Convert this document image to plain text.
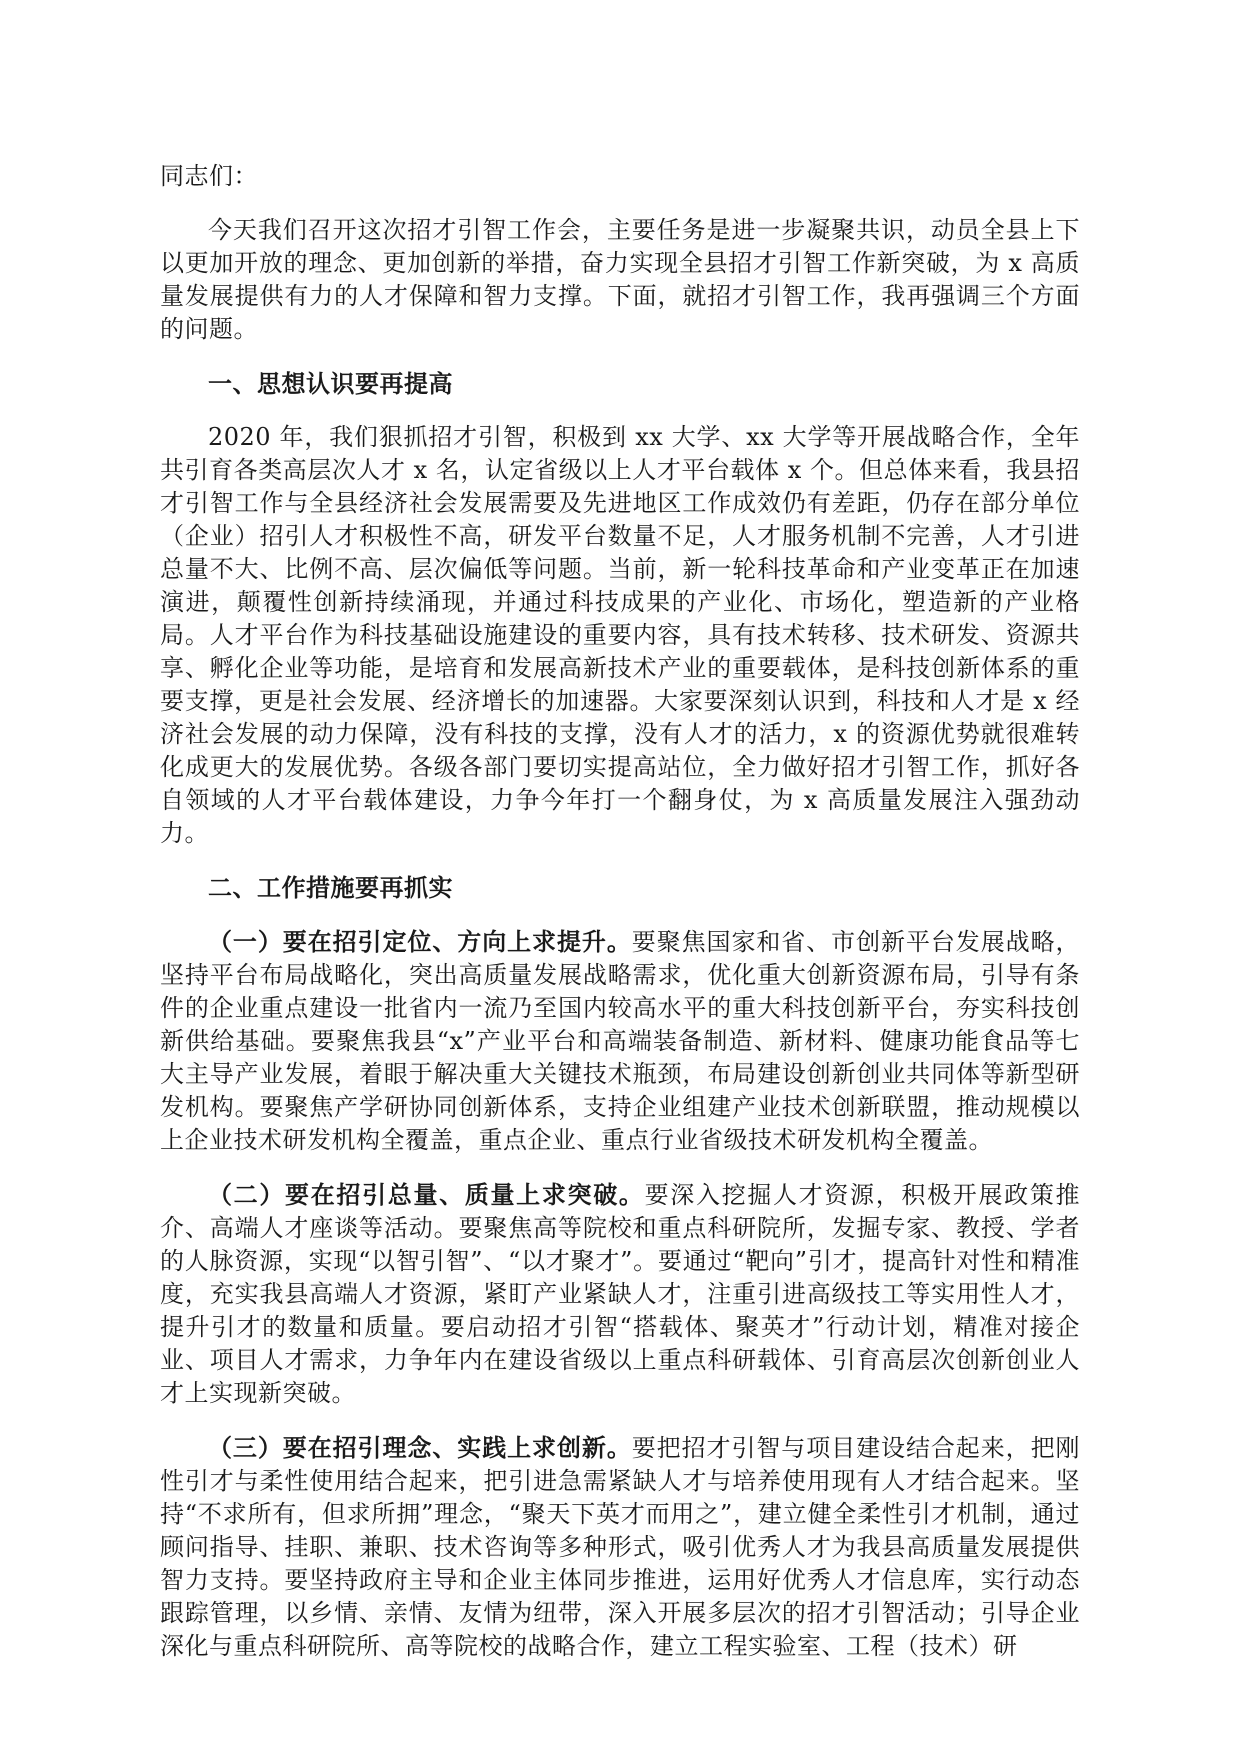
同志们：

今天我们召开这次招才引智工作会，主要任务是进一步凝聚共识，动员全县上下以更加开放的理念、更加创新的举措，奋力实现全县招才引智工作新突破，为 x 高质量发展提供有力的人才保障和智力支撑。下面，就招才引智工作，我再强调三个方面的问题。

一、思想认识要再提高

2020 年，我们狠抓招才引智，积极到 xx 大学、xx 大学等开展战略合作，全年共引育各类高层次人才 x 名，认定省级以上人才平台载体 x 个。但总体来看，我县招才引智工作与全县经济社会发展需要及先进地区工作成效仍有差距，仍存在部分单位（企业）招引人才积极性不高，研发平台数量不足，人才服务机制不完善，人才引进总量不大、比例不高、层次偏低等问题。当前，新一轮科技革命和产业变革正在加速演进，颠覆性创新持续涌现，并通过科技成果的产业化、市场化，塑造新的产业格局。人才平台作为科技基础设施建设的重要内容，具有技术转移、技术研发、资源共享、孵化企业等功能，是培育和发展高新技术产业的重要载体，是科技创新体系的重要支撑，更是社会发展、经济增长的加速器。大家要深刻认识到，科技和人才是 x 经济社会发展的动力保障，没有科技的支撑，没有人才的活力，x 的资源优势就很难转化成更大的发展优势。各级各部门要切实提高站位，全力做好招才引智工作，抓好各自领域的人才平台载体建设，力争今年打一个翻身仗，为 x 高质量发展注入强劲动力。

二、工作措施要再抓实

（一）要在招引定位、方向上求提升。要聚焦国家和省、市创新平台发展战略，坚持平台布局战略化，突出高质量发展战略需求，优化重大创新资源布局，引导有条件的企业重点建设一批省内一流乃至国内较高水平的重大科技创新平台，夯实科技创新供给基础。要聚焦我县“x”产业平台和高端装备制造、新材料、健康功能食品等七大主导产业发展，着眼于解决重大关键技术瓶颈，布局建设创新创业共同体等新型研发机构。要聚焦产学研协同创新体系，支持企业组建产业技术创新联盟，推动规模以上企业技术研发机构全覆盖，重点企业、重点行业省级技术研发机构全覆盖。

（二）要在招引总量、质量上求突破。要深入挖掘人才资源，积极开展政策推介、高端人才座谈等活动。要聚焦高等院校和重点科研院所，发掘专家、教授、学者的人脉资源，实现“以智引智”、“以才聚才”。要通过“靶向”引才，提高针对性和精准度，充实我县高端人才资源，紧盯产业紧缺人才，注重引进高级技工等实用性人才，提升引才的数量和质量。要启动招才引智“搭载体、聚英才”行动计划，精准对接企业、项目人才需求，力争年内在建设省级以上重点科研载体、引育高层次创新创业人才上实现新突破。

（三）要在招引理念、实践上求创新。要把招才引智与项目建设结合起来，把刚性引才与柔性使用结合起来，把引进急需紧缺人才与培养使用现有人才结合起来。坚持“不求所有，但求所拥”理念，“聚天下英才而用之”，建立健全柔性引才机制，通过顾问指导、挂职、兼职、技术咨询等多种形式，吸引优秀人才为我县高质量发展提供智力支持。要坚持政府主导和企业主体同步推进，运用好优秀人才信息库，实行动态跟踪管理，以乡情、亲情、友情为纽带，深入开展多层次的招才引智活动；引导企业深化与重点科研院所、高等院校的战略合作，建立工程实验室、工程（技术）研
